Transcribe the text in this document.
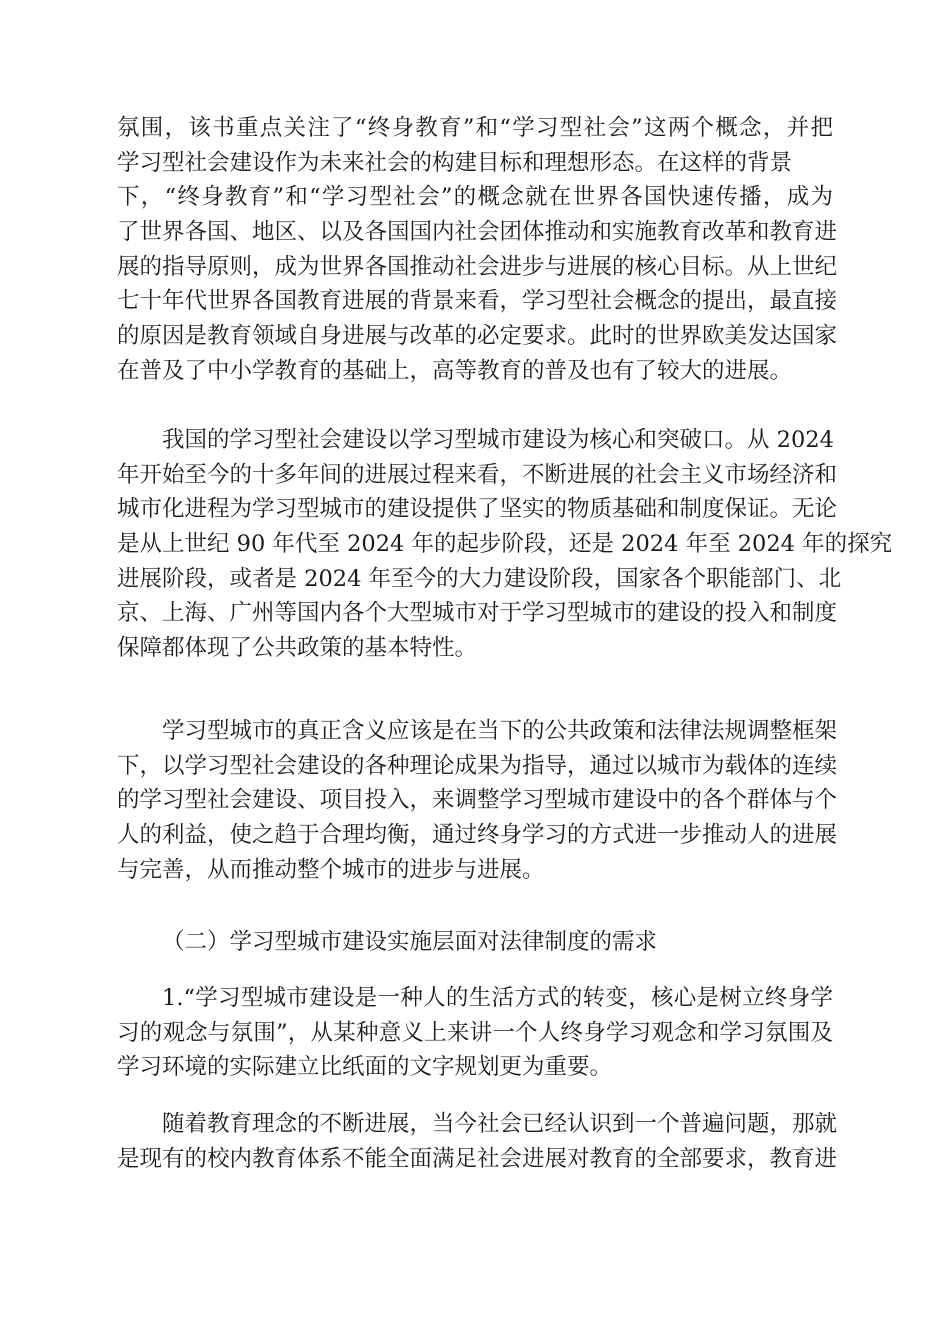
氛围，该书重点关注了“终身教育”和“学习型社会”这两个概念，并把
学习型社会建设作为未来社会的构建目标和理想形态。在这样的背景
下，“终身教育”和“学习型社会”的概念就在世界各国快速传播，成为
了世界各国、地区、以及各国国内社会团体推动和实施教育改革和教育进
展的指导原则，成为世界各国推动社会进步与进展的核心目标。从上世纪
七十年代世界各国教育进展的背景来看，学习型社会概念的提出，最直接
的原因是教育领域自身进展与改革的必定要求。此时的世界欧美发达国家
在普及了中小学教育的基础上，高等教育的普及也有了较大的进展。
我国的学习型社会建设以学习型城市建设为核心和突破口。从 2024
年开始至今的十多年间的进展过程来看，不断进展的社会主义市场经济和
城市化进程为学习型城市的建设提供了坚实的物质基础和制度保证。无论
是从上世纪 90 年代至 2024 年的起步阶段，还是 2024 年至 2024 年的探究
进展阶段，或者是 2024 年至今的大力建设阶段，国家各个职能部门、北
京、上海、广州等国内各个大型城市对于学习型城市的建设的投入和制度
保障都体现了公共政策的基本特性。
学习型城市的真正含义应该是在当下的公共政策和法律法规调整框架
下，以学习型社会建设的各种理论成果为指导，通过以城市为载体的连续
的学习型社会建设、项目投入，来调整学习型城市建设中的各个群体与个
人的利益，使之趋于合理均衡，通过终身学习的方式进一步推动人的进展
与完善，从而推动整个城市的进步与进展。
（二）学习型城市建设实施层面对法律制度的需求
1.“学习型城市建设是一种人的生活方式的转变，核心是树立终身学
习的观念与氛围”，从某种意义上来讲一个人终身学习观念和学习氛围及
学习环境的实际建立比纸面的文字规划更为重要。
随着教育理念的不断进展，当今社会已经认识到一个普遍问题，那就
是现有的校内教育体系不能全面满足社会进展对教育的全部要求，教育进
